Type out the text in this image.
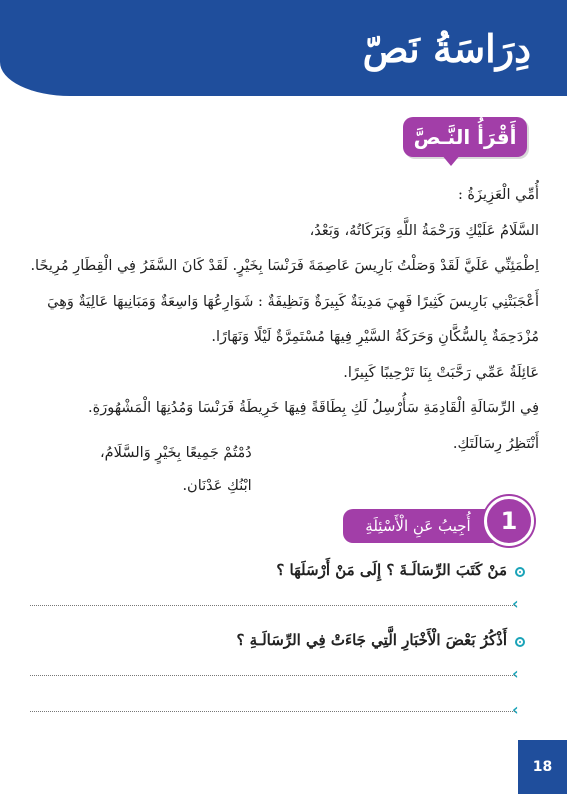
دِرَاسَةُ نَصّ
أَقْرَأُ النَّـصَّ
أُمِّي الْعَزِيزَةُ :
السَّلَامُ عَلَيْكِ وَرَحْمَةُ اللَّهِ وَبَرَكَاتُهُ، وَبَعْدُ،
اِطْمَئِنِّي عَلَيَّ لَقَدْ وَصَلْتُ بَارِيسَ عَاصِمَةَ فَرَنْسَا بِخَيْرٍ. لَقَدْ كَانَ السَّفَرُ فِي الْقِطَارِ مُرِيحًا.
أَعْجَبَتْنِي بَارِيسَ كَثِيرًا فَهِيَ مَدِينَةٌ كَبِيرَةٌ وَنَظِيفَةٌ : شَوَارِعُهَا وَاسِعَةٌ وَمَبَانِيهَا عَالِيَةٌ وَهِيَ
مُزْدَحِمَةٌ بِالسُّكَّانِ وَحَرَكَةُ السَّيْرِ فِيهَا مُسْتَمِرَّةٌ لَيْلًا وَنَهَارًا.
عَائِلَةُ عَمِّي رَحَّبَتْ بِنَا تَرْحِيبًا كَبِيرًا.
فِي الرِّسَالَةِ الْقَادِمَةِ سَأُرْسِلُ لَكِ بِطَاقَةً فِيهَا خَرِيطَةُ فَرَنْسَا وَمُدُنِهَا الْمَشْهُورَةِ.
أَنْتَظِرُ رِسَالَتَكِ.
دُمْتُمْ جَمِيعًا بِخَيْرٍ وَالسَّلَامُ،
ابْنُكِ عَدْنَان.
أُجِيبُ عَنِ الْأَسْئِلَةِ	1
مَنْ كَتَبَ الرِّسَالَـةَ ؟ إِلَى مَنْ أَرْسَلَهَا ؟
‹
أَذْكُرُ بَعْضَ الْأَخْبَارِ الَّتِي جَاءَتْ فِي الرِّسَالَـةِ ؟
‹
‹
18
